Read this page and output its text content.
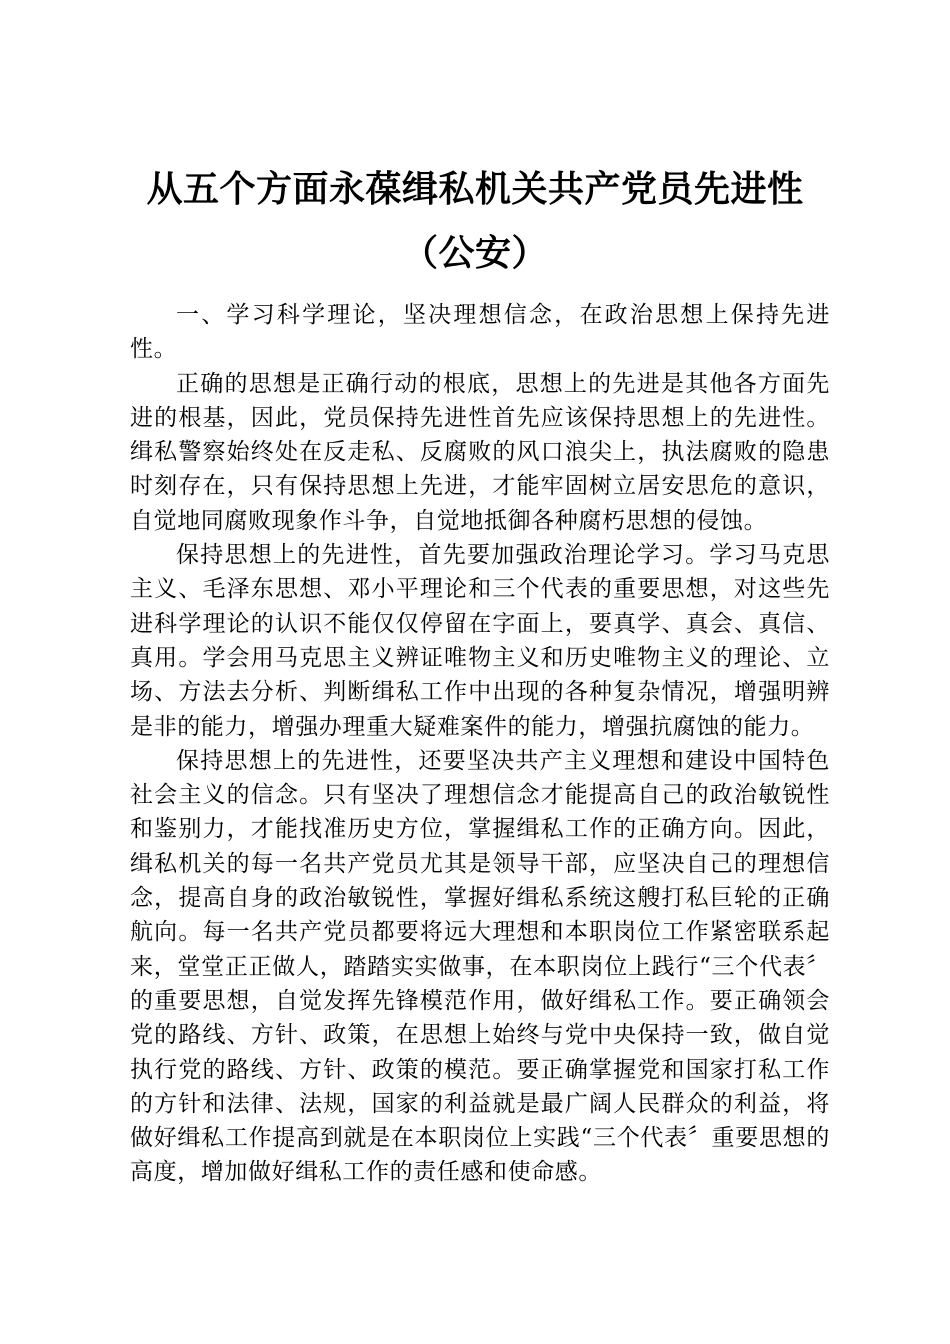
从五个方面永葆缉私机关共产党员先进性（公安）

一、学习科学理论，坚决理想信念，在政治思想上保持先进性。

正确的思想是正确行动的根底，思想上的先进是其他各方面先进的根基，因此，党员保持先进性首先应该保持思想上的先进性。缉私警察始终处在反走私、反腐败的风口浪尖上，执法腐败的隐患时刻存在，只有保持思想上先进，才能牢固树立居安思危的意识，自觉地同腐败现象作斗争，自觉地抵御各种腐朽思想的侵蚀。

保持思想上的先进性，首先要加强政治理论学习。学习马克思主义、毛泽东思想、邓小平理论和三个代表的重要思想，对这些先进科学理论的认识不能仅仅停留在字面上，要真学、真会、真信、真用。学会用马克思主义辨证唯物主义和历史唯物主义的理论、立场、方法去分析、判断缉私工作中出现的各种复杂情况，增强明辨是非的能力，增强办理重大疑难案件的能力，增强抗腐蚀的能力。

保持思想上的先进性，还要坚决共产主义理想和建设中国特色社会主义的信念。只有坚决了理想信念才能提高自己的政治敏锐性和鉴别力，才能找准历史方位，掌握缉私工作的正确方向。因此，缉私机关的每一名共产党员尤其是领导干部，应坚决自己的理想信念，提高自身的政治敏锐性，掌握好缉私系统这艘打私巨轮的正确航向。每一名共产党员都要将远大理想和本职岗位工作紧密联系起来，堂堂正正做人，踏踏实实做事，在本职岗位上践行“三个代表〞的重要思想，自觉发挥先锋模范作用，做好缉私工作。要正确领会党的路线、方针、政策，在思想上始终与党中央保持一致，做自觉执行党的路线、方针、政策的模范。要正确掌握党和国家打私工作的方针和法律、法规，国家的利益就是最广阔人民群众的利益，将做好缉私工作提高到就是在本职岗位上实践“三个代表〞重要思想的高度，增加做好缉私工作的责任感和使命感。
